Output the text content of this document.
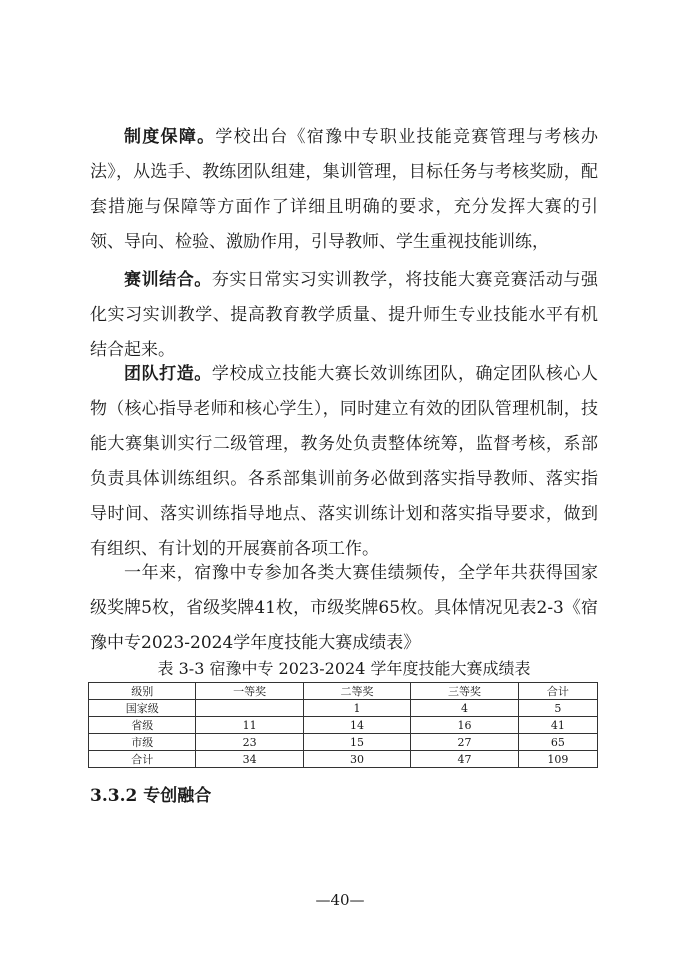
制度保障。学校出台《宿豫中专职业技能竞赛管理与考核办法》，从选手、教练团队组建，集训管理，目标任务与考核奖励，配套措施与保障等方面作了详细且明确的要求，充分发挥大赛的引领、导向、检验、激励作用，引导教师、学生重视技能训练，

赛训结合。夯实日常实习实训教学，将技能大赛竞赛活动与强化实习实训教学、提高教育教学质量、提升师生专业技能水平有机结合起来。

团队打造。学校成立技能大赛长效训练团队，确定团队核心人物（核心指导老师和核心学生），同时建立有效的团队管理机制，技能大赛集训实行二级管理，教务处负责整体统筹，监督考核，系部负责具体训练组织。各系部集训前务必做到落实指导教师、落实指导时间、落实训练指导地点、落实训练计划和落实指导要求，做到有组织、有计划的开展赛前各项工作。

一年来，宿豫中专参加各类大赛佳绩频传，全学年共获得国家级奖牌5枚，省级奖牌41枚，市级奖牌65枚。具体情况见表2-3《宿豫中专2023-2024学年度技能大赛成绩表》

表 3-3 宿豫中专 2023-2024 学年度技能大赛成绩表
级别	一等奖	二等奖	三等奖	合计
国家级		1	4	5
省级	11	14	16	41
市级	23	15	27	65
合计	34	30	47	109
3.3.2 专创融合
—40—
